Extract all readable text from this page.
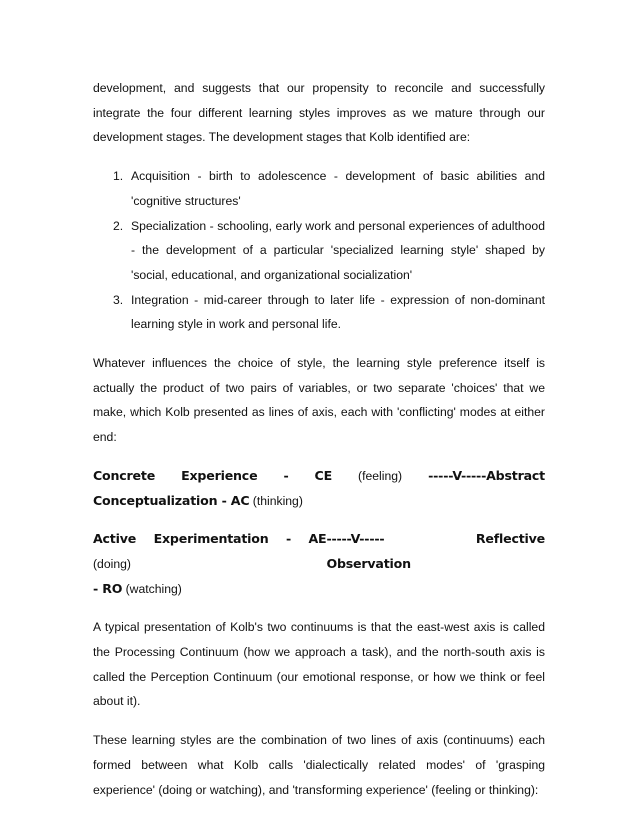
development, and suggests that our propensity to reconcile and successfully integrate the four different learning styles improves as we mature through our development stages. The development stages that Kolb identified are:

1. Acquisition - birth to adolescence - development of basic abilities and 'cognitive structures'
2. Specialization - schooling, early work and personal experiences of adulthood - the development of a particular 'specialized learning style' shaped by 'social, educational, and organizational socialization'
3. Integration - mid-career through to later life - expression of non-dominant learning style in work and personal life.

Whatever influences the choice of style, the learning style preference itself is actually the product of two pairs of variables, or two separate 'choices' that we make, which Kolb presented as lines of axis, each with 'conflicting' modes at either end:

Concrete Experience - CE (feeling) -----V-----Abstract
Conceptualization - AC (thinking)
Active Experimentation - AE (doing)
-----V----- Reflective Observation
- RO (watching)

A typical presentation of Kolb's two continuums is that the east-west axis is called the Processing Continuum (how we approach a task), and the north-south axis is called the Perception Continuum (our emotional response, or how we think or feel about it).

These learning styles are the combination of two lines of axis (continuums) each formed between what Kolb calls 'dialectically related modes' of 'grasping experience' (doing or watching), and 'transforming experience' (feeling or thinking):
